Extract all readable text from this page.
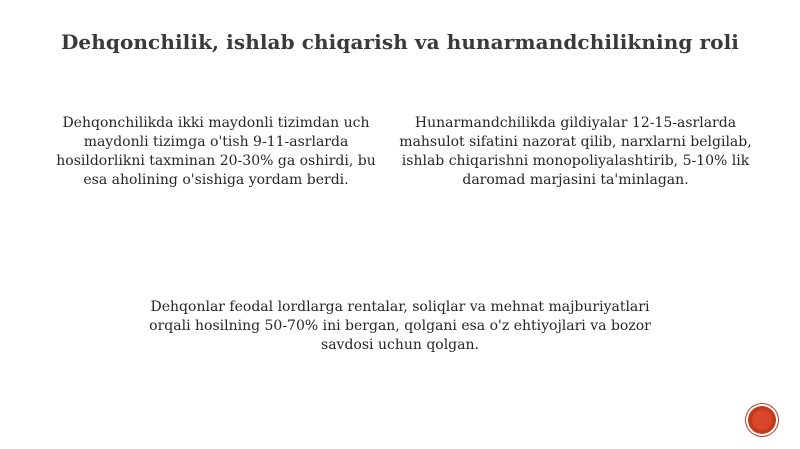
Dehqonchilik, ishlab chiqarish va hunarmandchilikning roli
Dehqonchilikda ikki maydonli tizimdan uch maydonli tizimga o'tish 9-11-asrlarda hosildorlikni taxminan 20-30% ga oshirdi, bu esa aholining o'sishiga yordam berdi.
Hunarmandchilikda gildiyalar 12-15-asrlarda mahsulot sifatini nazorat qilib, narxlarni belgilab, ishlab chiqarishni monopoliyalashtirib, 5-10% lik daromad marjasini ta'minlagan.
Dehqonlar feodal lordlarga rentalar, soliqlar va mehnat majburiyatlari orqali hosilning 50-70% ini bergan, qolgani esa o'z ehtiyojlari va bozor savdosi uchun qolgan.
